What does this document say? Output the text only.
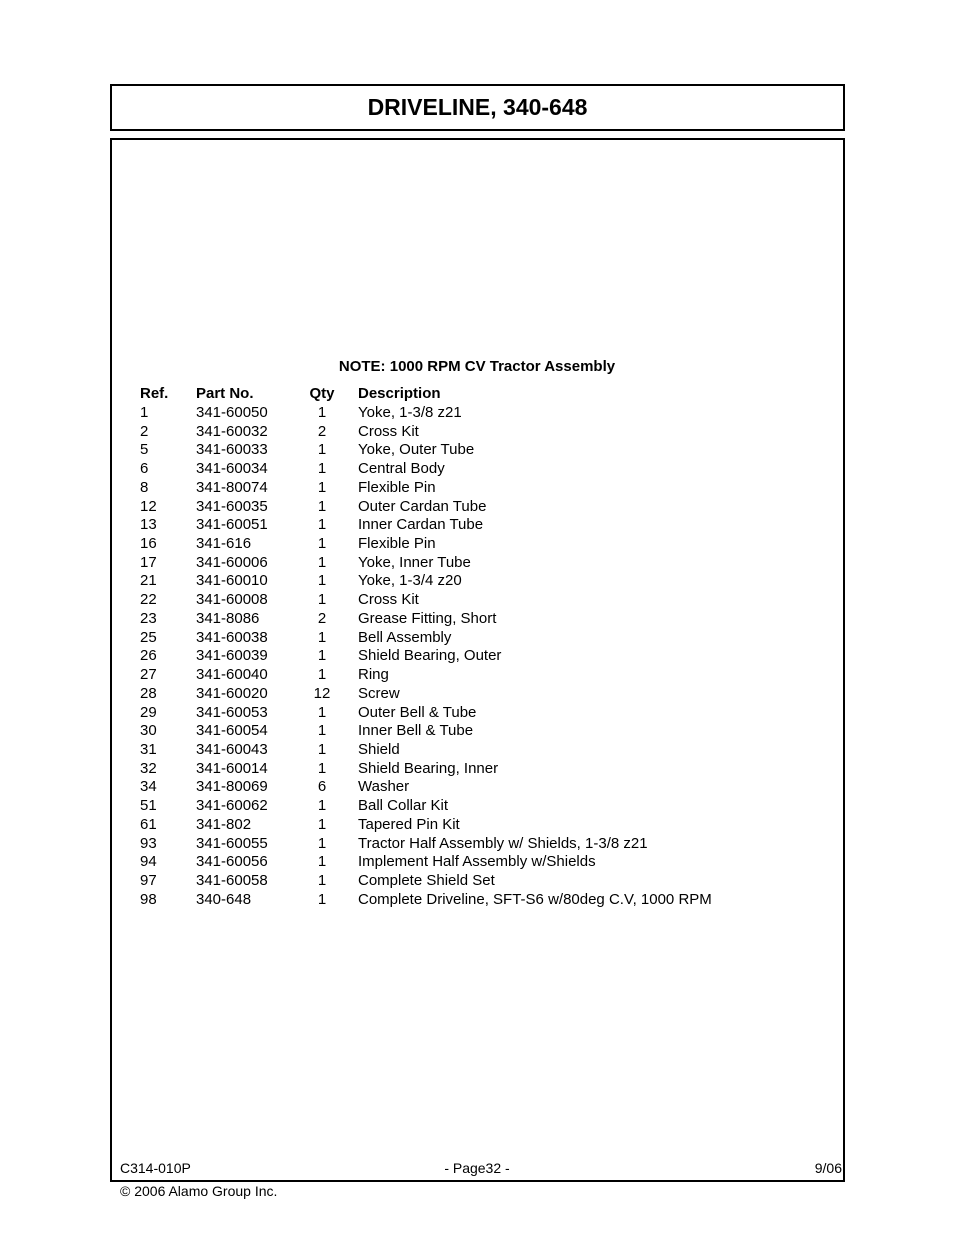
DRIVELINE, 340-648
NOTE: 1000 RPM CV Tractor Assembly
Ref. Part No.	Qty	Description
1	341-60050	1	Yoke, 1-3/8 z21
2	341-60032	2	Cross Kit
5	341-60033	1	Yoke, Outer Tube
6	341-60034	1	Central Body
8	341-80074	1	Flexible Pin
12	341-60035	1	Outer Cardan Tube
13	341-60051	1	Inner Cardan Tube
16	341-616	1	Flexible Pin
17	341-60006	1	Yoke, Inner Tube
21	341-60010	1	Yoke, 1-3/4 z20
22	341-60008	1	Cross Kit
23	341-8086	2	Grease Fitting, Short
25	341-60038	1	Bell Assembly
26	341-60039	1	Shield Bearing, Outer
27	341-60040	1	Ring
28	341-60020	12	Screw
29	341-60053	1	Outer Bell & Tube
30	341-60054	1	Inner Bell & Tube
31	341-60043	1	Shield
32	341-60014	1	Shield Bearing, Inner
34	341-80069	6	Washer
51	341-60062	1	Ball Collar Kit
61	341-802	1	Tapered Pin Kit
93	341-60055	1	Tractor Half Assembly w/ Shields, 1-3/8 z21
94	341-60056	1	Implement Half Assembly w/Shields
97	341-60058	1	Complete Shield Set
98	340-648	1	Complete Driveline, SFT-S6 w/80deg C.V, 1000 RPM
C314-010P	- Page32 -	9/06
© 2006 Alamo Group Inc.
